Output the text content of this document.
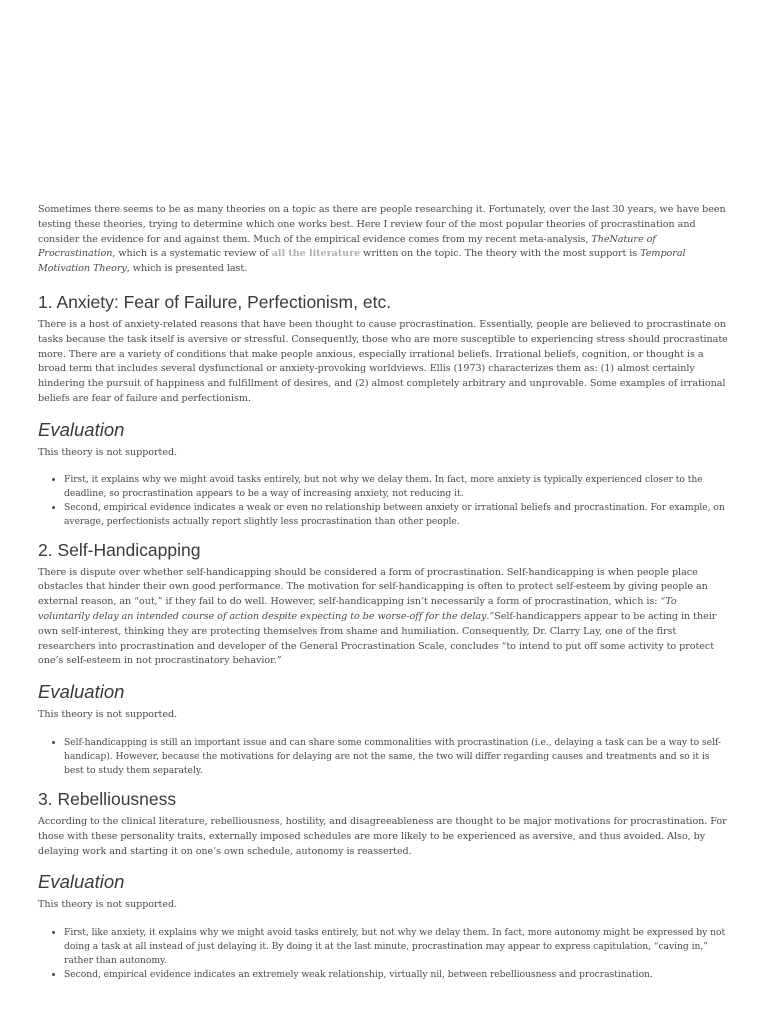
Sometimes there seems to be as many theories on a topic as there are people researching it. Fortunately, over the last 30 years, we have been testing these theories, trying to determine which one works best. Here I review four of the most popular theories of procrastination and consider the evidence for and against them. Much of the empirical evidence comes from my recent meta-analysis, TheNature of Procrastination, which is a systematic review of all the literature written on the topic. The theory with the most support is Temporal Motivation Theory, which is presented last.

1. Anxiety: Fear of Failure, Perfectionism, etc.

There is a host of anxiety-related reasons that have been thought to cause procrastination. Essentially, people are believed to procrastinate on tasks because the task itself is aversive or stressful. Consequently, those who are more susceptible to experiencing stress should procrastinate more. There are a variety of conditions that make people anxious, especially irrational beliefs. Irrational beliefs, cognition, or thought is a broad term that includes several dysfunctional or anxiety-provoking worldviews. Ellis (1973) characterizes them as: (1) almost certainly hindering the pursuit of happiness and fulfillment of desires, and (2) almost completely arbitrary and unprovable. Some examples of irrational beliefs are fear of failure and perfectionism.

Evaluation

This theory is not supported.

• First, it explains why we might avoid tasks entirely, but not why we delay them. In fact, more anxiety is typically experienced closer to the deadline, so procrastination appears to be a way of increasing anxiety, not reducing it.
• Second, empirical evidence indicates a weak or even no relationship between anxiety or irrational beliefs and procrastination. For example, on average, perfectionists actually report slightly less procrastination than other people.
2. Self-Handicapping

There is dispute over whether self-handicapping should be considered a form of procrastination. Self-handicapping is when people place obstacles that hinder their own good performance. The motivation for self-handicapping is often to protect self-esteem by giving people an external reason, an “out,” if they fail to do well. However, self-handicapping isn’t necessarily a form of procrastination, which is: “To voluntarily delay an intended course of action despite expecting to be worse-off for the delay.”Self-handicappers appear to be acting in their own self-interest, thinking they are protecting themselves from shame and humiliation. Consequently, Dr. Clarry Lay, one of the first researchers into procrastination and developer of the General Procrastination Scale, concludes “to intend to put off some activity to protect one’s self-esteem in not procrastinatory behavior.”

Evaluation

This theory is not supported.

• Self-handicapping is still an important issue and can share some commonalities with procrastination (i.e., delaying a task can be a way to self-handicap). However, because the motivations for delaying are not the same, the two will differ regarding causes and treatments and so it is best to study them separately.
3. Rebelliousness

According to the clinical literature, rebelliousness, hostility, and disagreeableness are thought to be major motivations for procrastination. For those with these personality traits, externally imposed schedules are more likely to be experienced as aversive, and thus avoided. Also, by delaying work and starting it on one’s own schedule, autonomy is reasserted.

Evaluation

This theory is not supported.

• First, like anxiety, it explains why we might avoid tasks entirely, but not why we delay them. In fact, more autonomy might be expressed by not doing a task at all instead of just delaying it. By doing it at the last minute, procrastination may appear to express capitulation, “caving in,” rather than autonomy.
• Second, empirical evidence indicates an extremely weak relationship, virtually nil, between rebelliousness and procrastination.
